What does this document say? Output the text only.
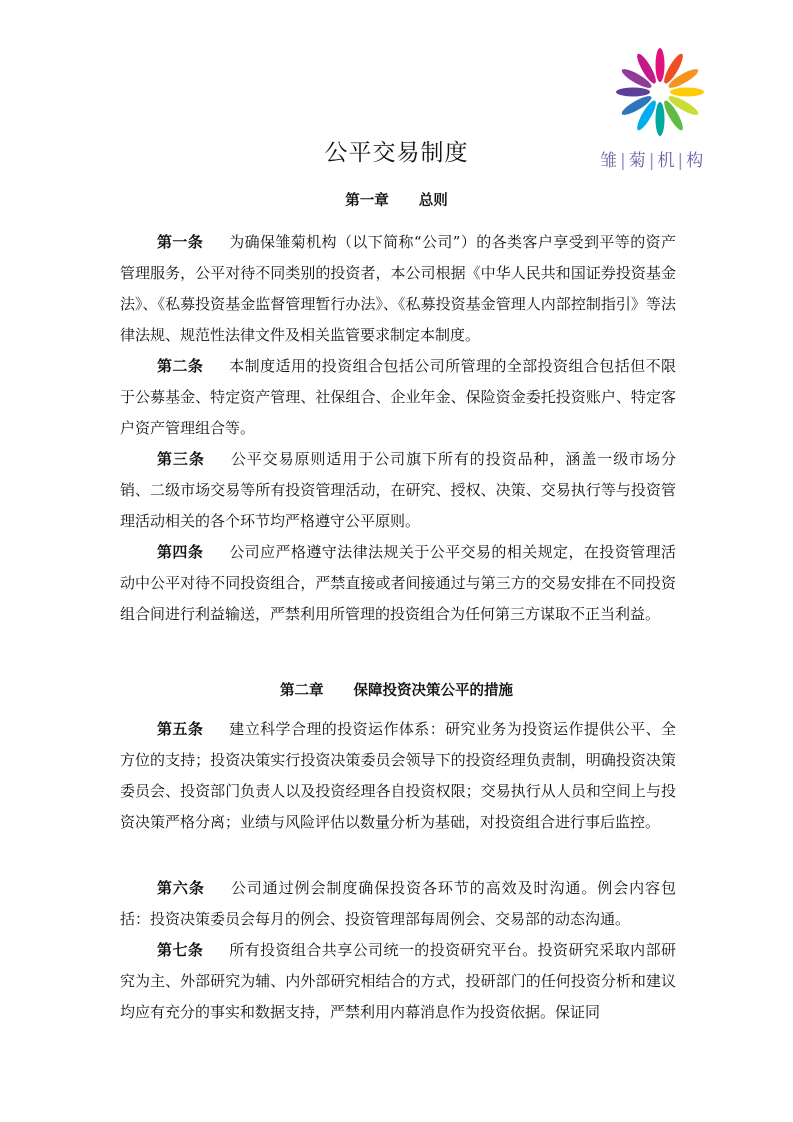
雏 | 菊 | 机 | 构
公平交易制度
第一章 总则

第一条 为确保雏菊机构（以下简称“公司”）的各类客户享受到平等的资产管理服务，公平对待不同类别的投资者，本公司根据《中华人民共和国证券投资基金法》、《私募投资基金监督管理暂行办法》、《私募投资基金管理人内部控制指引》等法律法规、规范性法律文件及相关监管要求制定本制度。

第二条 本制度适用的投资组合包括公司所管理的全部投资组合包括但不限于公募基金、特定资产管理、社保组合、企业年金、保险资金委托投资账户、特定客户资产管理组合等。

第三条 公平交易原则适用于公司旗下所有的投资品种，涵盖一级市场分销、二级市场交易等所有投资管理活动，在研究、授权、决策、交易执行等与投资管理活动相关的各个环节均严格遵守公平原则。

第四条 公司应严格遵守法律法规关于公平交易的相关规定，在投资管理活动中公平对待不同投资组合，严禁直接或者间接通过与第三方的交易安排在不同投资组合间进行利益输送，严禁利用所管理的投资组合为任何第三方谋取不正当利益。

第二章 保障投资决策公平的措施

第五条 建立科学合理的投资运作体系：研究业务为投资运作提供公平、全方位的支持；投资决策实行投资决策委员会领导下的投资经理负责制，明确投资决策委员会、投资部门负责人以及投资经理各自投资权限；交易执行从人员和空间上与投资决策严格分离；业绩与风险评估以数量分析为基础，对投资组合进行事后监控。

第六条 公司通过例会制度确保投资各环节的高效及时沟通。例会内容包括：投资决策委员会每月的例会、投资管理部每周例会、交易部的动态沟通。

第七条 所有投资组合共享公司统一的投资研究平台。投资研究采取内部研究为主、外部研究为辅、内外部研究相结合的方式，投研部门的任何投资分析和建议均应有充分的事实和数据支持，严禁利用内幕消息作为投资依据。保证同
